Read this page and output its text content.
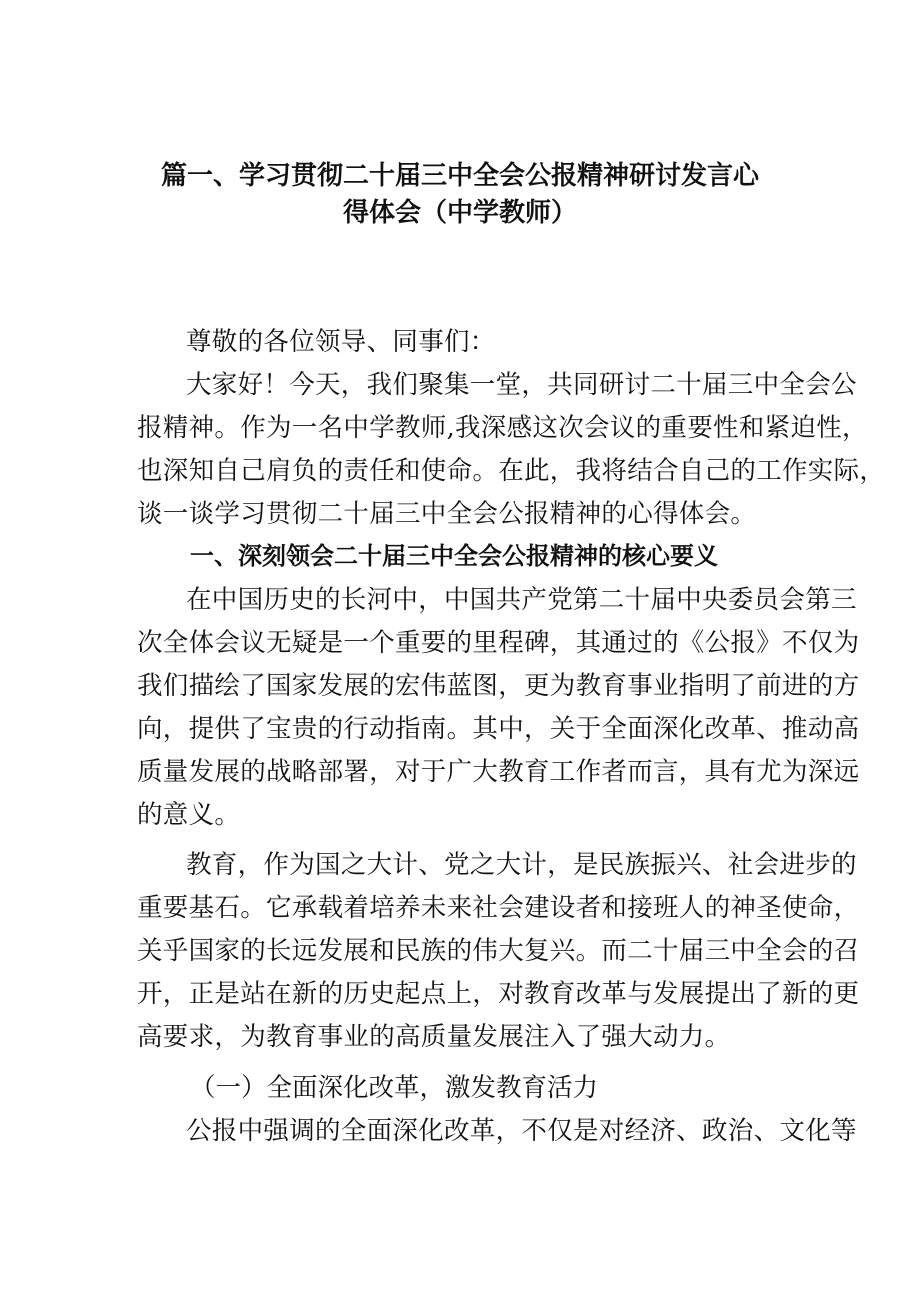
篇一、学习贯彻二十届三中全会公报精神研讨发言心
得体会（中学教师）
尊敬的各位领导、同事们：
大家好！今天，我们聚集一堂，共同研讨二十届三中全会公
报精神。作为一名中学教师,我深感这次会议的重要性和紧迫性，
也深知自己肩负的责任和使命。在此，我将结合自己的工作实际，
谈一谈学习贯彻二十届三中全会公报精神的心得体会。
一、深刻领会二十届三中全会公报精神的核心要义
在中国历史的长河中，中国共产党第二十届中央委员会第三
次全体会议无疑是一个重要的里程碑，其通过的《公报》不仅为
我们描绘了国家发展的宏伟蓝图，更为教育事业指明了前进的方
向，提供了宝贵的行动指南。其中，关于全面深化改革、推动高
质量发展的战略部署，对于广大教育工作者而言，具有尤为深远
的意义。
教育，作为国之大计、党之大计，是民族振兴、社会进步的
重要基石。它承载着培养未来社会建设者和接班人的神圣使命，
关乎国家的长远发展和民族的伟大复兴。而二十届三中全会的召
开，正是站在新的历史起点上，对教育改革与发展提出了新的更
高要求，为教育事业的高质量发展注入了强大动力。
（一）全面深化改革，激发教育活力
公报中强调的全面深化改革，不仅是对经济、政治、文化等
